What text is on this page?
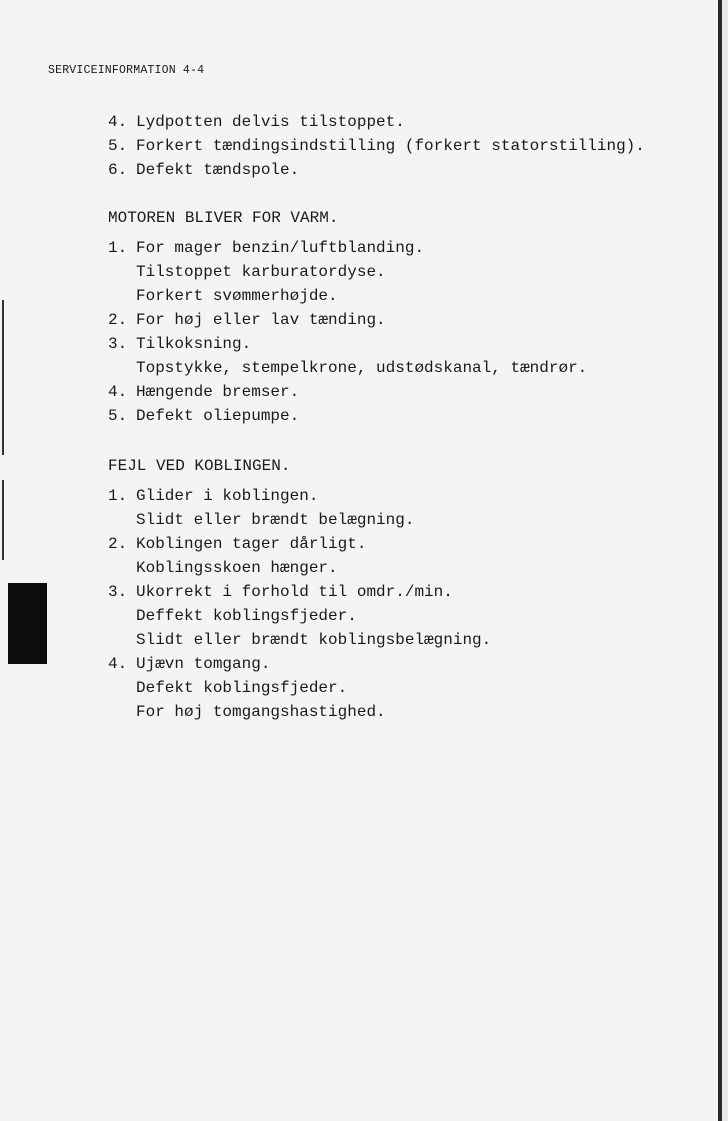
SERVICEINFORMATION 4-4
4. Lydpotten delvis tilstoppet.
5. Forkert tændingsindstilling (forkert statorstilling).
6. Defekt tændspole.
MOTOREN BLIVER FOR VARM.
1. For mager benzin/luftblanding.
Tilstoppet karburatordyse.
Forkert svømmerhøjde.
2. For høj eller lav tænding.
3. Tilkoksning.
Topstykke, stempelkrone, udstødskanal, tændrør.
4. Hængende bremser.
5. Defekt oliepumpe.
FEJL VED KOBLINGEN.
1. Glider i koblingen.
Slidt eller brændt belægning.
2. Koblingen tager dårligt.
Koblingsskoen hænger.
3. Ukorrekt i forhold til omdr./min.
Deffekt koblingsfjeder.
Slidt eller brændt koblingsbelægning.
4. Ujævn tomgang.
Defekt koblingsfjeder.
For høj tomgangshastighed.
